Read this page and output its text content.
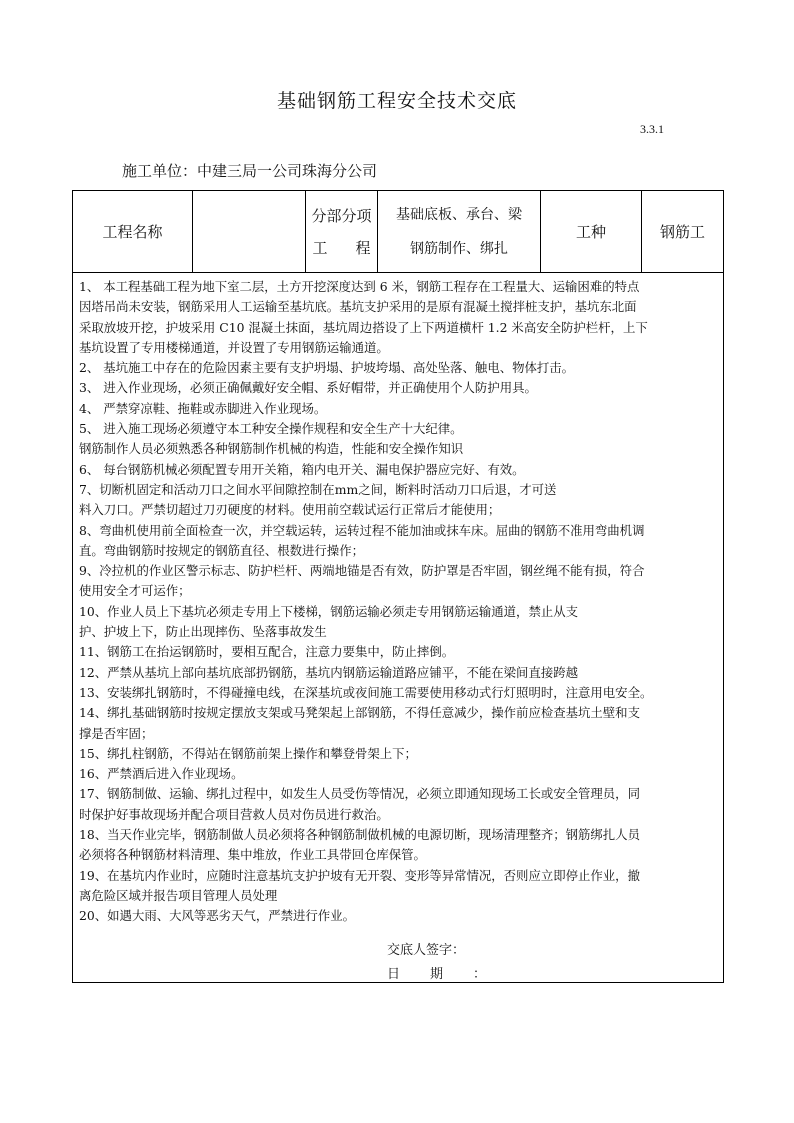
基础钢筋工程安全技术交底
3.3.1
施工单位：中建三局一公司珠海分公司
工程名称
分部分项
工程
基础底板、承台、梁
钢筋制作、绑扎
工种	钢筋工

1、 本工程基础工程为地下室二层，土方开挖深度达到 6 米，钢筋工程存在工程量大、运输困难的特点

因塔吊尚未安装，钢筋采用人工运输至基坑底。基坑支护采用的是原有混凝土搅拌桩支护，基坑东北面

采取放坡开挖，护坡采用 C10 混凝土抹面，基坑周边搭设了上下两道横杆 1.2 米高安全防护栏杆，上下

基坑设置了专用楼梯通道，并设置了专用钢筋运输通道。

2、 基坑施工中存在的危险因素主要有支护坍塌、护坡垮塌、高处坠落、触电、物体打击。

3、 进入作业现场，必须正确佩戴好安全帽、系好帽带，并正确使用个人防护用具。

4、 严禁穿凉鞋、拖鞋或赤脚进入作业现场。

5、 进入施工现场必须遵守本工种安全操作规程和安全生产十大纪律。

钢筋制作人员必须熟悉各种钢筋制作机械的构造，性能和安全操作知识

6、 每台钢筋机械必须配置专用开关箱，箱内电开关、漏电保护器应完好、有效。

7、切断机固定和活动刀口之间水平间隙控制在mm之间，断料时活动刀口后退，才可送

料入刀口。严禁切超过刀刃硬度的材料。使用前空载试运行正常后才能使用；

8、弯曲机使用前全面检查一次，并空载运转，运转过程不能加油或抹车床。屈曲的钢筋不准用弯曲机调

直。弯曲钢筋时按规定的钢筋直径、根数进行操作；

9、冷拉机的作业区警示标志、防护栏杆、两端地锚是否有效，防护罩是否牢固，钢丝绳不能有损，符合

使用安全才可运作；

10、作业人员上下基坑必须走专用上下楼梯，钢筋运输必须走专用钢筋运输通道，禁止从支

护、护坡上下，防止出现摔伤、坠落事故发生

11、钢筋工在抬运钢筋时，要相互配合，注意力要集中，防止摔倒。

12、严禁从基坑上部向基坑底部扔钢筋，基坑内钢筋运输道路应铺平，不能在梁间直接跨越

13、安装绑扎钢筋时，不得碰撞电线，在深基坑或夜间施工需要使用移动式行灯照明时，注意用电安全。

14、绑扎基础钢筋时按规定摆放支架或马凳架起上部钢筋，不得任意减少，操作前应检查基坑土壁和支

撑是否牢固；

15、绑扎柱钢筋，不得站在钢筋前架上操作和攀登骨架上下；

16、严禁酒后进入作业现场。

17、钢筋制做、运输、绑扎过程中，如发生人员受伤等情况，必须立即通知现场工长或安全管理员，同

时保护好事故现场并配合项目营救人员对伤员进行救治。

18、当天作业完毕，钢筋制做人员必须将各种钢筋制做机械的电源切断，现场清理整齐；钢筋绑扎人员

必须将各种钢筋材料清理、集中堆放，作业工具带回仓库保管。

19、在基坑内作业时，应随时注意基坑支护护坡有无开裂、变形等异常情况，否则应立即停止作业，撤

离危险区域并报告项目管理人员处理

20、如遇大雨、大风等恶劣天气，严禁进行作业。

交底人签字：
日期：
